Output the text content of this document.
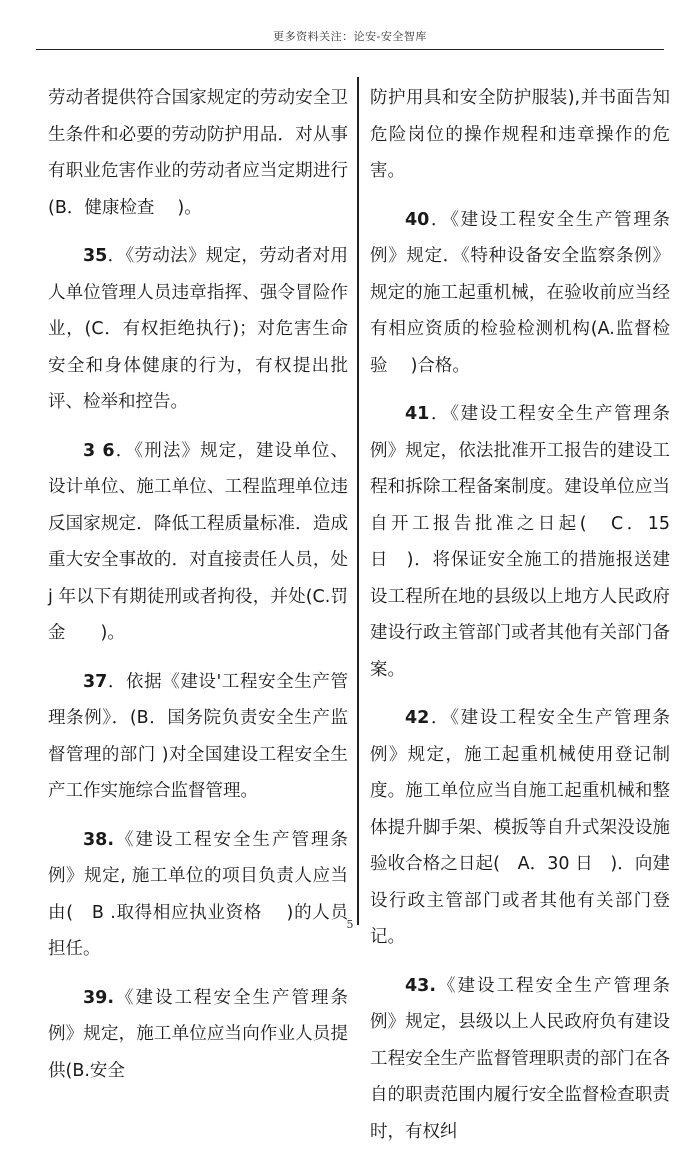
更多资料关注：论安-安全智库

劳动者提供符合国家规定的劳动安全卫生条件和必要的劳动防护用品．对从事有职业危害作业的劳动者应当定期进行(B．健康检查　 )。

35．《劳动法》规定，劳动者对用人单位管理人员违章指挥、强令冒险作业，(C．有权拒绝执行)；对危害生命安全和身体健康的行为，有权提出批评、检举和控告。

3 6．《刑法》规定，建设单位、设计单位、施工单位、工程监理单位违反国家规定．降低工程质量标准．造成重大安全事故的．对直接责任人员，处 j 年以下有期徒刑或者拘役，并处(C.罚金　　)。

37．依据《建设'工程安全生产管理条例》．(B．国务院负责安全生产监督管理的部门 )对全国建设工程安全生产工作实施综合监督管理。

38.《建设工程安全生产管理条例》规定, 施工单位的项目负责人应当由(　B .取得相应执业资格　 )的人员担任。

39.《建设工程安全生产管理条例》规定，施工单位应当向作业人员提供(B.安全

防护用具和安全防护服装),并书面告知危险岗位的操作规程和违章操作的危害。

40．《建设工程安全生产管理条例》规定．《特种设备安全监察条例》规定的施工起重机械，在验收前应当经有相应资质的检验检测机构(A.监督检验　 )合格。

41．《建设工程安全生产管理条例》规定，依法批准开工报告的建设工程和拆除工程备案制度。建设单位应当自开工报告批准之日起(　C．15 日　)．将保证安全施工的措施报送建设工程所在地的县级以上地方人民政府建设行政主管部门或者其他有关部门备案。

42．《建设工程安全生产管理条例》规定，施工起重机械使用登记制度。施工单位应当自施工起重机械和整体提升脚手架、模扳等自升式架没设施验收合格之日起(　A．30 日　)．向建设行政主管部门或者其他有关部门登记。

43.《建设工程安全生产管理条例》规定，县级以上人民政府负有建设工程安全生产监督管理职责的部门在各自的职责范围内履行安全监督检查职责时，有权纠

5
